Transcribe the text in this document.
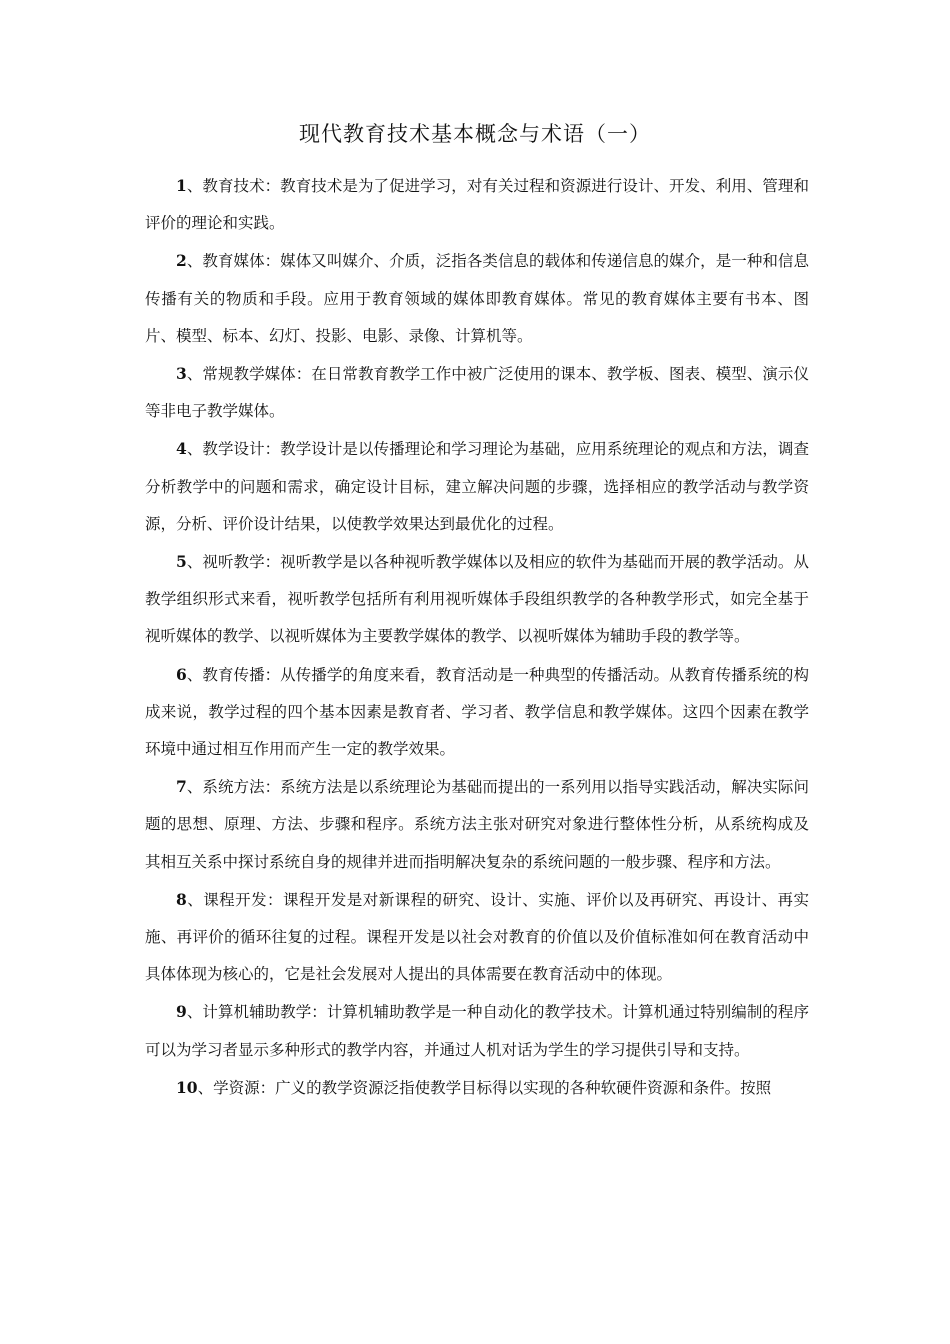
现代教育技术基本概念与术语（一）

1、教育技术：教育技术是为了促进学习，对有关过程和资源进行设计、开发、利用、管理和评价的理论和实践。

2、教育媒体：媒体又叫媒介、介质，泛指各类信息的载体和传递信息的媒介，是一种和信息传播有关的物质和手段。应用于教育领域的媒体即教育媒体。常见的教育媒体主要有书本、图片、模型、标本、幻灯、投影、电影、录像、计算机等。

3、常规教学媒体：在日常教育教学工作中被广泛使用的课本、教学板、图表、模型、演示仪等非电子教学媒体。

4、教学设计：教学设计是以传播理论和学习理论为基础，应用系统理论的观点和方法，调查分析教学中的问题和需求，确定设计目标，建立解决问题的步骤，选择相应的教学活动与教学资源，分析、评价设计结果，以使教学效果达到最优化的过程。

5、视听教学：视听教学是以各种视听教学媒体以及相应的软件为基础而开展的教学活动。从教学组织形式来看，视听教学包括所有利用视听媒体手段组织教学的各种教学形式，如完全基于视听媒体的教学、以视听媒体为主要教学媒体的教学、以视听媒体为辅助手段的教学等。

6、教育传播：从传播学的角度来看，教育活动是一种典型的传播活动。从教育传播系统的构成来说，教学过程的四个基本因素是教育者、学习者、教学信息和教学媒体。这四个因素在教学环境中通过相互作用而产生一定的教学效果。

7、系统方法：系统方法是以系统理论为基础而提出的一系列用以指导实践活动，解决实际问题的思想、原理、方法、步骤和程序。系统方法主张对研究对象进行整体性分析，从系统构成及其相互关系中探讨系统自身的规律并进而指明解决复杂的系统问题的一般步骤、程序和方法。

8、课程开发：课程开发是对新课程的研究、设计、实施、评价以及再研究、再设计、再实施、再评价的循环往复的过程。课程开发是以社会对教育的价值以及价值标准如何在教育活动中具体体现为核心的，它是社会发展对人提出的具体需要在教育活动中的体现。

9、计算机辅助教学：计算机辅助教学是一种自动化的教学技术。计算机通过特别编制的程序可以为学习者显示多种形式的教学内容，并通过人机对话为学生的学习提供引导和支持。

10、学资源：广义的教学资源泛指使教学目标得以实现的各种软硬件资源和条件。按照
